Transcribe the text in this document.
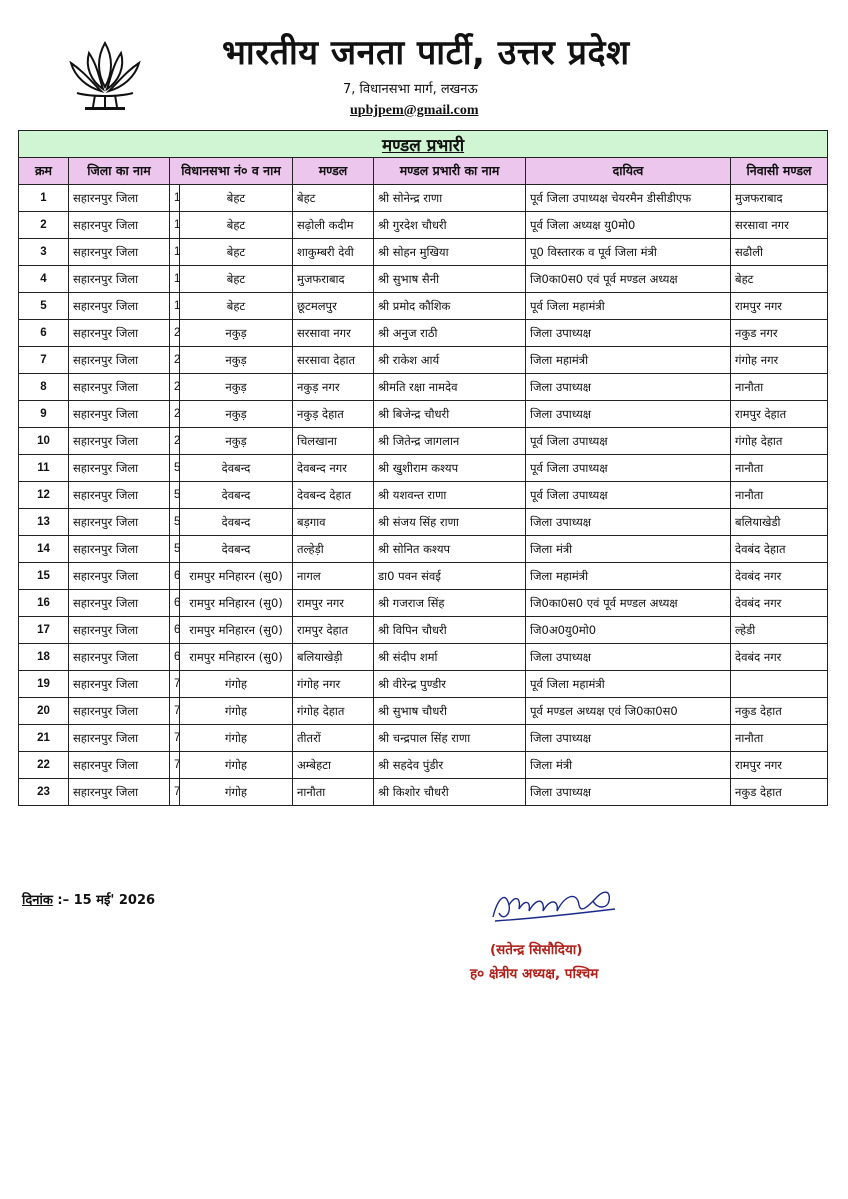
भारतीय जनता पार्टी, उत्तर प्रदेश
7, विधानसभा मार्ग, लखनऊ
upbjpem@gmail.com
मण्डल प्रभारी							
क्रम	जिला का नाम	विधानसभा नं० व नाम		मण्डल	मण्डल प्रभारी का नाम	दायित्व	निवासी मण्डल
1	सहारनपुर जिला	1	बेहट	बेहट	श्री सोनेन्द्र राणा	पूर्व जिला उपाध्यक्ष चेयरमैन डीसीडीएफ	मुजफराबाद
2	सहारनपुर जिला	1	बेहट	सढ़ोली कदीम	श्री गुरदेश चौधरी	पूर्व जिला अध्यक्ष यु0मो0	सरसावा नगर
3	सहारनपुर जिला	1	बेहट	शाकुम्बरी देवी	श्री सोहन मुखिया	पू0 विस्तारक व पूर्व जिला मंत्री	सढौली
4	सहारनपुर जिला	1	बेहट	मुजफराबाद	श्री सुभाष सैनी	जि0का0स0 एवं पूर्व मण्डल अध्यक्ष	बेहट
5	सहारनपुर जिला	1	बेहट	छूटमलपुर	श्री प्रमोद कौशिक	पूर्व जिला महामंत्री	रामपुर नगर
6	सहारनपुर जिला	2	नकुड़	सरसावा नगर	श्री अनुज राठी	जिला उपाध्यक्ष	नकुड नगर
7	सहारनपुर जिला	2	नकुड़	सरसावा देहात	श्री राकेश आर्य	जिला महामंत्री	गंगोह नगर
8	सहारनपुर जिला	2	नकुड़	नकुड़ नगर	श्रीमति रक्षा नामदेव	जिला उपाध्यक्ष	नानौता
9	सहारनपुर जिला	2	नकुड़	नकुड़ देहात	श्री बिजेन्द्र चौधरी	जिला उपाध्यक्ष	रामपुर देहात
10	सहारनपुर जिला	2	नकुड़	चिलखाना	श्री जितेन्द्र जागलान	पूर्व जिला उपाध्यक्ष	गंगोह देहात
11	सहारनपुर जिला	5	देवबन्द	देवबन्द नगर	श्री खुशीराम कश्यप	पूर्व जिला उपाध्यक्ष	नानौता
12	सहारनपुर जिला	5	देवबन्द	देवबन्द देहात	श्री यशवन्त राणा	पूर्व जिला उपाध्यक्ष	नानौता
13	सहारनपुर जिला	5	देवबन्द	बड़गाव	श्री संजय सिंह राणा	जिला उपाध्यक्ष	बलियाखेडी
14	सहारनपुर जिला	5	देवबन्द	तल्हेड़ी	श्री सोनित कश्यप	जिला मंत्री	देवबंद देहात
15	सहारनपुर जिला	6	रामपुर मनिहारन (सु0)	नागल	डा0 पवन संवई	जिला महामंत्री	देवबंद नगर
16	सहारनपुर जिला	6	रामपुर मनिहारन (सु0)	रामपुर नगर	श्री गजराज सिंह	जि0का0स0 एवं पूर्व मण्डल अध्यक्ष	देवबंद नगर
17	सहारनपुर जिला	6	रामपुर मनिहारन (सु0)	रामपुर देहात	श्री विपिन चौधरी	जि0अ0यु0मो0	ल्हेडी
18	सहारनपुर जिला	6	रामपुर मनिहारन (सु0)	बलियाखेड़ी	श्री संदीप शर्मा	जिला उपाध्यक्ष	देवबंद नगर
19	सहारनपुर जिला	7	गंगोह	गंगोह नगर	श्री वीरेन्द्र पुण्डीर	पूर्व जिला महामंत्री	
20	सहारनपुर जिला	7	गंगोह	गंगोह देहात	श्री सुभाष चौधरी	पूर्व मण्डल अध्यक्ष एवं जि0का0स0	नकुड देहात
21	सहारनपुर जिला	7	गंगोह	तीतरों	श्री चन्द्रपाल सिंह राणा	जिला उपाध्यक्ष	नानौता
22	सहारनपुर जिला	7	गंगोह	अम्बेहटा	श्री सहदेव पुंडीर	जिला मंत्री	रामपुर नगर
23	सहारनपुर जिला	7	गंगोह	नानौता	श्री किशोर चौधरी	जिला उपाध्यक्ष	नकुड देहात
दिनांक :– 15 मई' 2026
(सतेन्द्र सिसौदिया)
ह० क्षेत्रीय अध्यक्ष, पश्चिम
